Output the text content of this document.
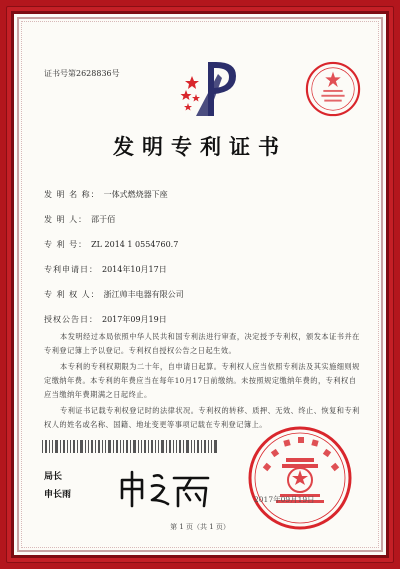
证书号第2628836号
发明专利证书
发 明 名 称： 一体式燃烧器下座
发 明 人： 邵于佰
专 利 号： ZL 2014 1 0554760.7
专利申请日： 2014年10月17日
专 利 权 人： 浙江帅丰电器有限公司
授权公告日： 2017年09月19日
本发明经过本局依照中华人民共和国专利法进行审查，决定授予专利权，颁发本证书并在专利登记簿上予以登记。专利权自授权公告之日起生效。
本专利的专利权期限为二十年，自申请日起算。专利权人应当依照专利法及其实施细则规定缴纳年费。本专利的年费应当在每年10月17日前缴纳。未按照规定缴纳年费的，专利权自应当缴纳年费期满之日起终止。
专利证书记载专利权登记时的法律状况。专利权的转移、质押、无效、终止、恢复和专利权人的姓名或名称、国籍、地址变更等事项记载在专利登记簿上。
局长
申长雨	2017年09月19日
第 1 页（共 1 页）
